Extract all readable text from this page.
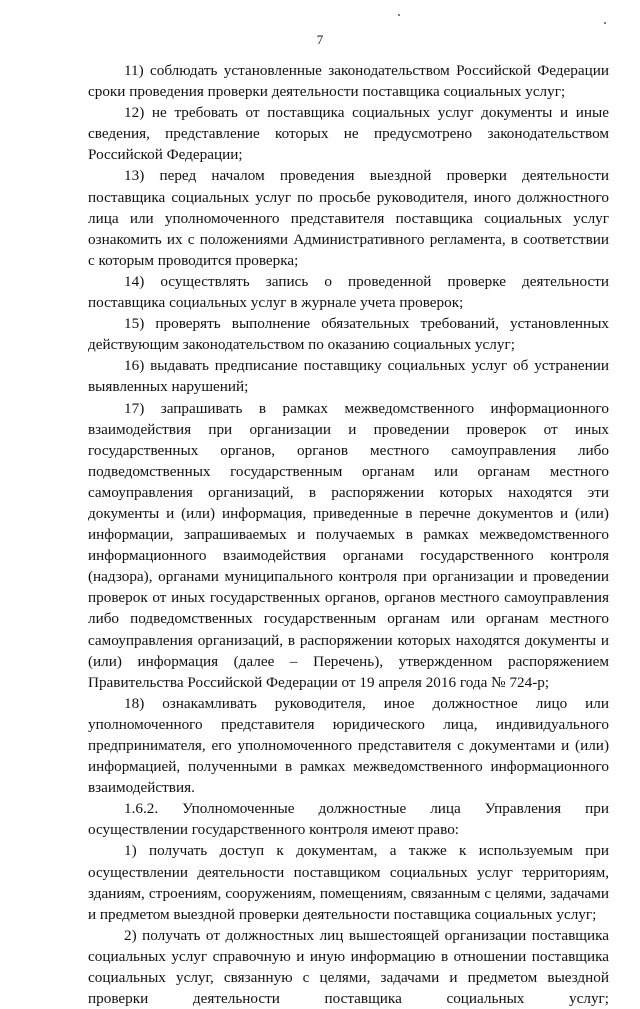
7

11) соблюдать установленные законодательством Российской Федерации сроки проведения проверки деятельности поставщика социальных услуг;

12) не требовать от поставщика социальных услуг документы и иные сведения, представление которых не предусмотрено законодательством Российской Федерации;

13) перед началом проведения выездной проверки деятельности поставщика социальных услуг по просьбе руководителя, иного должностного лица или уполномоченного представителя поставщика социальных услуг ознакомить их с положениями Административного регламента, в соответствии с которым проводится проверка;

14) осуществлять запись о проведенной проверке деятельности поставщика социальных услуг в журнале учета проверок;

15) проверять выполнение обязательных требований, установленных действующим законодательством по оказанию социальных услуг;

16) выдавать предписание поставщику социальных услуг об устранении выявленных нарушений;

17) запрашивать в рамках межведомственного информационного взаимодействия при организации и проведении проверок от иных государственных органов, органов местного самоуправления либо подведомственных государственным органам или органам местного самоуправления организаций, в распоряжении которых находятся эти документы и (или) информация, приведенные в перечне документов и (или) информации, запрашиваемых и получаемых в рамках межведомственного информационного взаимодействия органами государственного контроля (надзора), органами муниципального контроля при организации и проведении проверок от иных государственных органов, органов местного самоуправления либо подведомственных государственным органам или органам местного самоуправления организаций, в распоряжении которых находятся документы и (или) информация (далее – Перечень), утвержденном распоряжением Правительства Российской Федерации от 19 апреля 2016 года № 724-р;

18) ознакамливать руководителя, иное должностное лицо или уполномоченного представителя юридического лица, индивидуального предпринимателя, его уполномоченного представителя с документами и (или) информацией, полученными в рамках межведомственного информационного взаимодействия.

1.6.2. Уполномоченные должностные лица Управления при осуществлении государственного контроля имеют право:

1) получать доступ к документам, а также к используемым при осуществлении деятельности поставщиком социальных услуг территориям, зданиям, строениям, сооружениям, помещениям, связанным с целями, задачами и предметом выездной проверки деятельности поставщика социальных услуг;

2) получать от должностных лиц вышестоящей организации поставщика социальных услуг справочную и иную информацию в отношении поставщика социальных услуг, связанную с целями, задачами и предметом выездной проверки деятельности поставщика социальных услуг;
